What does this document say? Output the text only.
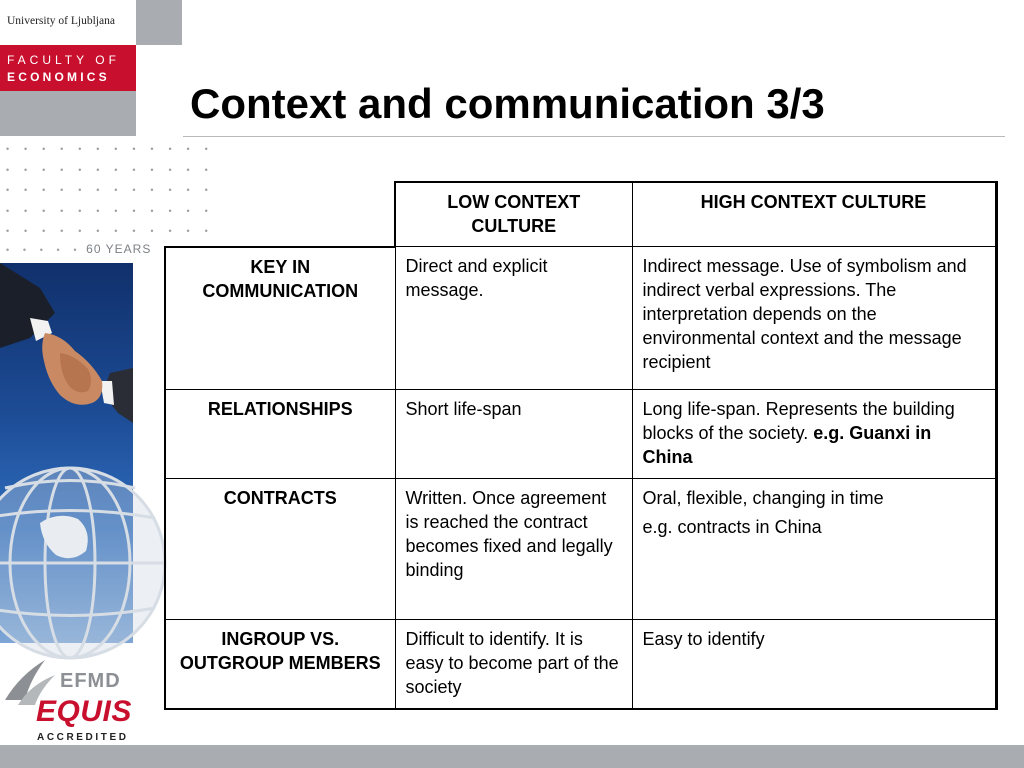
University of Ljubljana
FACULTY OF
ECONOMICS
• • • • • • • • • • • •
• • • • • • • • • • • •
• • • • • • • • • • • •
• • • • • • • • • • • •
• • • • • • • • • • • •
• • • • • 60 YEARS
EFMD
EQUIS
ACCREDITED
Context and communication 3/3
	LOW CONTEXT CULTURE	HIGH CONTEXT CULTURE
KEY IN COMMUNICATION	Direct and explicit message.	Indirect message. Use of symbolism and indirect verbal expressions. The interpretation depends on the environmental context and the message recipient
RELATIONSHIPS	Short life-span	Long life-span. Represents the building blocks of the society. e.g. Guanxi in China
CONTRACTS	Written. Once agreement is reached the contract becomes fixed and legally binding	Oral, flexible, changing in time
e.g. contracts in China

INGROUP VS. OUTGROUP MEMBERS	Difficult to identify. It is easy to become part of the society	Easy to identify
